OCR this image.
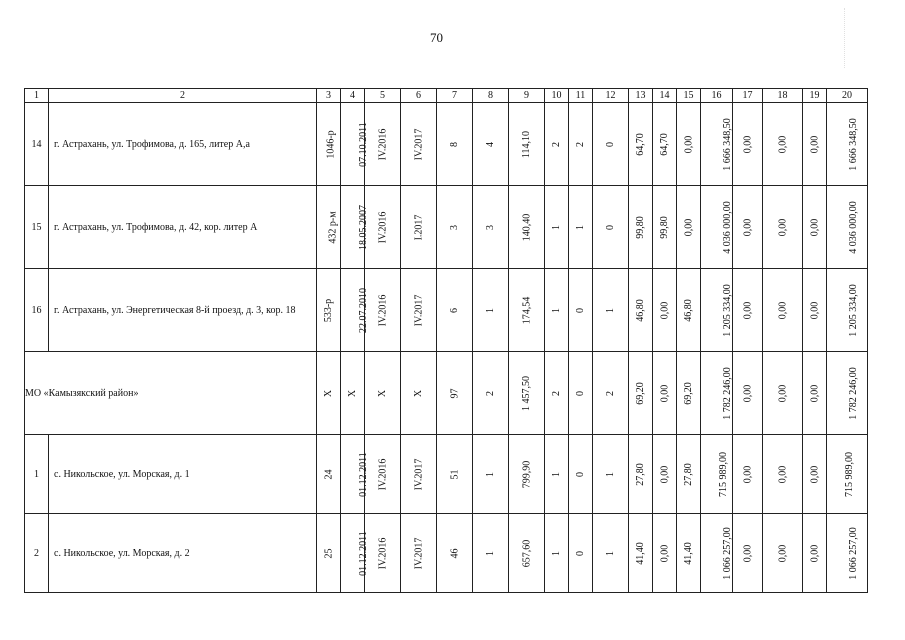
70
1	2	3	4	5	6	7	8	9	10	11	12	13	14	15	16	17	18	19	20
14	г. Астрахань, ул. Трофимова, д. 165, литер А,а	1046-р	07.10.2011	IV.2016	IV.2017	8	4	114,10	2	2	0	64,70	64,70	0,00	1 666 348,50	0,00	0,00	0,00	1 666 348,50
15	г. Астрахань, ул. Трофимова, д. 42, кор. литер А	432 р-м	18.05.2007	IV.2016	I.2017	3	3	140,40	1	1	0	99,80	99,80	0,00	4 036 000,00	0,00	0,00	0,00	4 036 000,00
16	г. Астрахань, ул. Энергетическая 8-й проезд, д. 3, кор. 18	533-р	22.07.2010	IV.2016	IV.2017	6	1	174,54	1	0	1	46,80	0,00	46,80	1 205 334,00	0,00	0,00	0,00	1 205 334,00
МО «Камызякский район»		Х	Х	Х	Х	97	2	1 457,50	2	0	2	69,20	0,00	69,20	1 782 246,00	0,00	0,00	0,00	1 782 246,00
1	с. Никольское, ул. Морская, д. 1	24	01.12.2011	IV.2016	IV.2017	51	1	799,90	1	0	1	27,80	0,00	27,80	715 989,00	0,00	0,00	0,00	715 989,00
2	с. Никольское, ул. Морская, д. 2	25	01.12.2011	IV.2016	IV.2017	46	1	657,60	1	0	1	41,40	0,00	41,40	1 066 257,00	0,00	0,00	0,00	1 066 257,00
